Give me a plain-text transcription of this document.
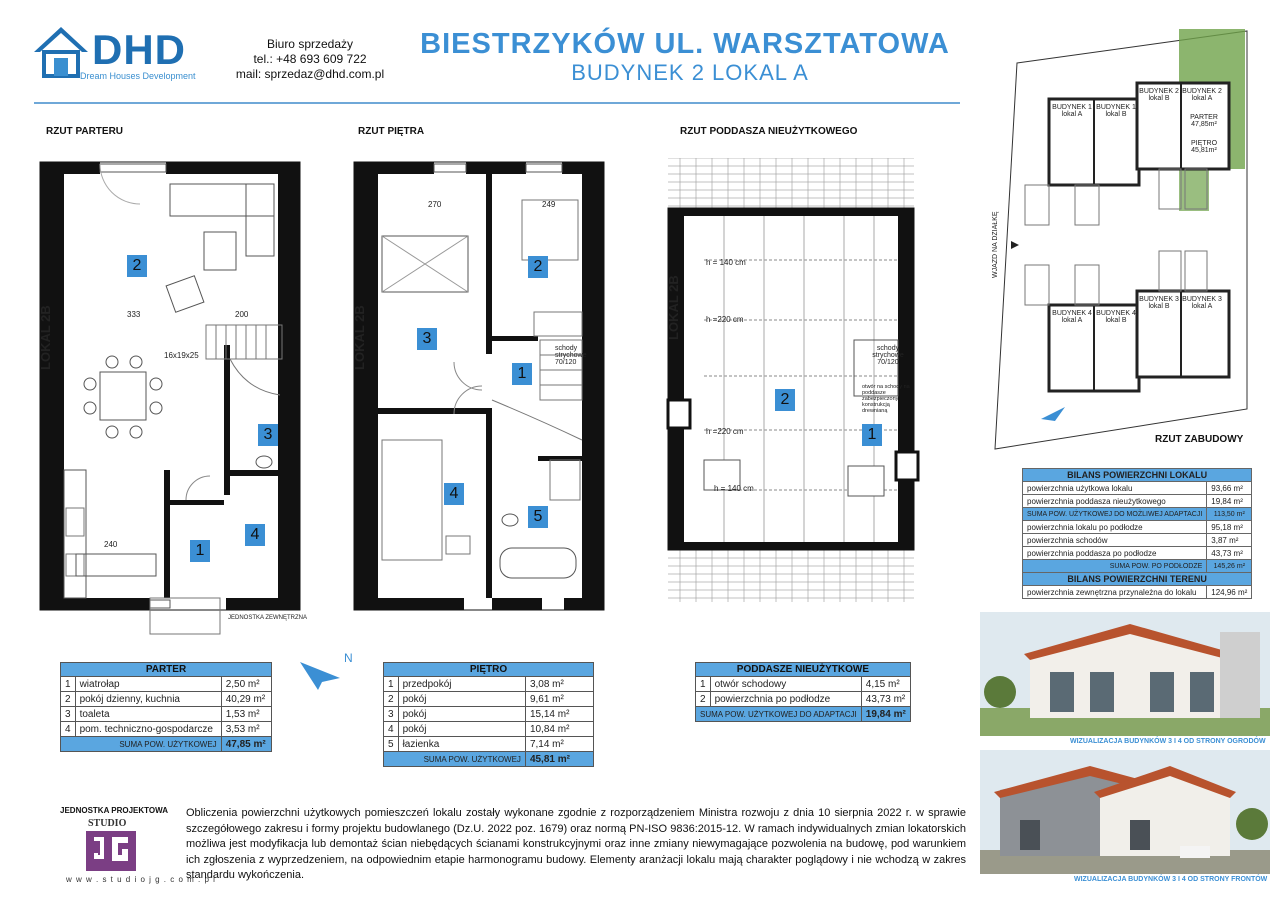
DHD
Dream Houses Development
Biuro sprzedaży
tel.: +48 693 609 722
mail: sprzedaz@dhd.com.pl
BIESTRZYKÓW UL. WARSZTATOWA
BUDYNEK 2 LOKAL A
RZUT PARTERU	RZUT PIĘTRA	RZUT PODDASZA NIEUŻYTKOWEGO
2
3
4
1
LOKAL 2B	333	200
240
16x19x25
JEDNOSTKA ZEWNĘTRZNA
2
3
1
4
5
LOKAL 2B	schody strychowe 70/120
270	249
2
1
LOKAL 2B
h = 140 cm
h =220 cm
h =220 cm
h = 140 cm
schody strychowe 70/120
otwór na schody na poddasze zabezpieczony konstrukcją drewnianą
BUDYNEK 1 lokal A
BUDYNEK 1 lokal B
BUDYNEK 2 lokal B
BUDYNEK 2 lokal A
PARTER 47,85m²
PIĘTRO 45,81m²
BUDYNEK 4 lokal A
BUDYNEK 4 lokal B
BUDYNEK 3 lokal B
BUDYNEK 3 lokal A
WJAZD NA DZIAŁKĘ
RZUT ZABUDOWY
BILANS POWIERZCHNI LOKALU	
powierzchnia użytkowa lokalu	93,66 m²
powierzchnia poddasza nieużytkowego	19,84 m²
SUMA POW. UŻYTKOWEJ DO MOŻLIWEJ ADAPTACJI	113,50 m²
powierzchnia lokalu po podłodze	95,18 m²
powierzchnia schodów	3,87 m²
powierzchnia poddasza po podłodze	43,73 m²
SUMA POW. PO PODŁODZE	145,26 m²
BILANS POWIERZCHNI TERENU	
powierzchnia zewnętrzna przynależna do lokalu	124,96 m²
N
PARTER		
1	wiatrołap	2,50 m²
2	pokój dzienny, kuchnia	40,29 m²
3	toaleta	1,53 m²
4	pom. techniczno-gospodarcze	3,53 m²
SUMA POW. UŻYTKOWEJ		47,85 m²
PIĘTRO		
1	przedpokój	3,08 m²
2	pokój	9,61 m²
3	pokój	15,14 m²
4	pokój	10,84 m²
5	łazienka	7,14 m²
SUMA POW. UŻYTKOWEJ		45,81 m²
PODDASZE NIEUŻYTKOWE		
1	otwór schodowy	4,15 m²
2	powierzchnia po podłodze	43,73 m²
SUMA POW. UŻYTKOWEJ DO ADAPTACJI		19,84 m²
WIZUALIZACJA BUDYNKÓW 3 I 4 OD STRONY OGRODÓW
WIZUALIZACJA BUDYNKÓW 3 I 4 OD STRONY FRONTÓW
JEDNOSTKA PROJEKTOWA
STUDIO
w w w . s t u d i o j g . c o m . p l
Obliczenia powierzchni użytkowych pomieszczeń lokalu zostały wykonane zgodnie z rozporządzeniem Ministra rozwoju z dnia 10 sierpnia 2022 r. w sprawie szczegółowego zakresu i formy projektu budowlanego (Dz.U. 2022 poz. 1679) oraz normą PN-ISO 9836:2015-12. W ramach indywidualnych zmian lokatorskich możliwa jest modyfikacja lub demontaż ścian niebędących ścianami konstrukcyjnymi oraz inne zmiany niewymagające pozwolenia na budowę, pod warunkiem ich zgłoszenia z wyprzedzeniem, na odpowiednim etapie harmonogramu budowy. Elementy aranżacji lokalu mają charakter poglądowy i nie wchodzą w zakres standardu wykończenia.
